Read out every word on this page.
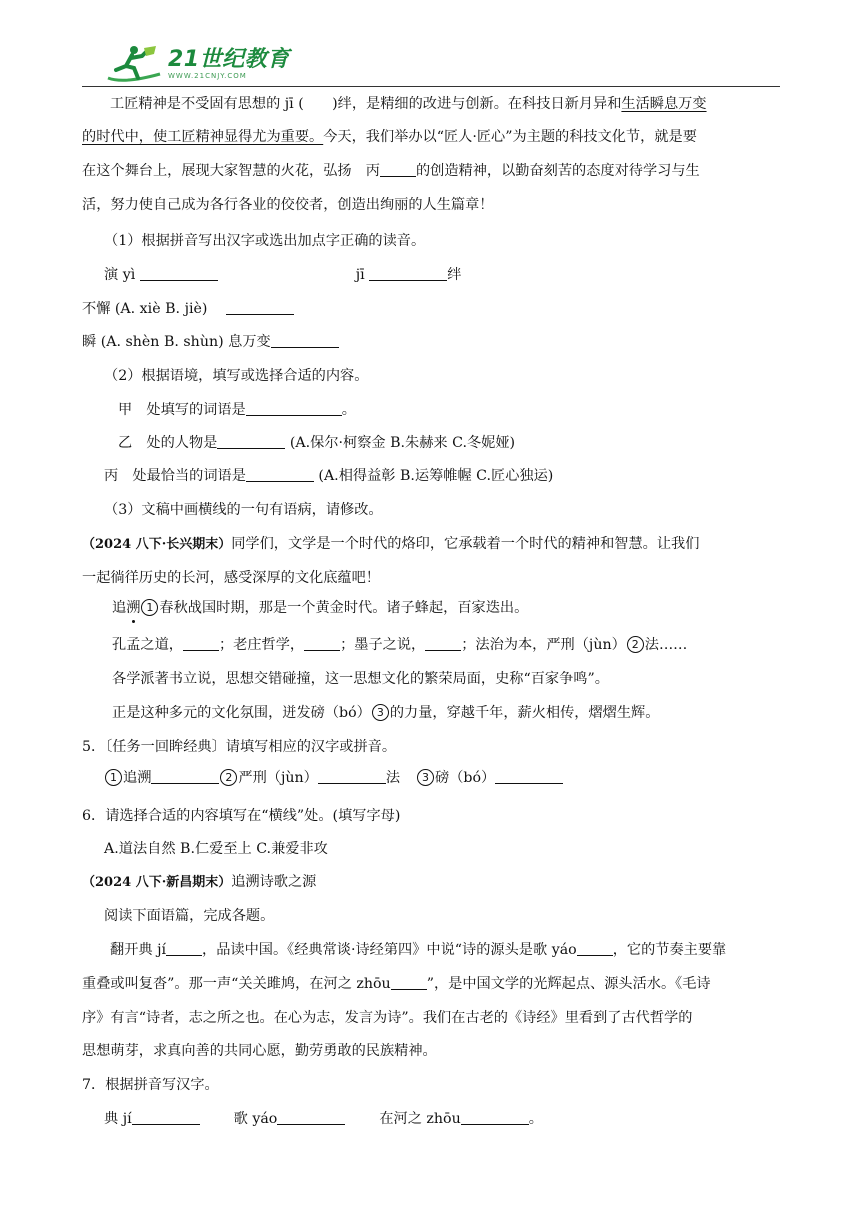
21世纪教育
WWW.21CNJY.COM
工匠精神是不受固有思想的 jī (　　)绊，是精细的改进与创新。在科技日新月异和生活瞬息万变
的时代中，使工匠精神显得尤为重要。今天，我们举办以“匠人·匠心”为主题的科技文化节，就是要
在这个舞台上，展现大家智慧的火花，弘扬　丙	的创造精神，以勤奋刻苦的态度对待学习与生
活，努力使自己成为各行各业的佼佼者，创造出绚丽的人生篇章！
（1）根据拼音写出汉字或选出加点字正确的读音。
演 yì	jī	绊
不懈 (A. xiè B. jiè)
瞬 (A. shèn B. shùn) 息万变
（2）根据语境，填写或选择合适的内容。
甲　处填写的词语是	。
乙　处的人物是	(A.保尔·柯察金 B.朱赫来 C.冬妮娅)
丙　处最恰当的词语是	(A.相得益彰 B.运筹帷幄 C.匠心独运)
（3）文稿中画横线的一句有语病，请修改。
（2024 八下·长兴期末）同学们，文学是一个时代的烙印，它承载着一个时代的精神和智慧。让我们
一起徜徉历史的长河，感受深厚的文化底蕴吧！
追溯 1 春秋战国时期，那是一个黄金时代。诸子蜂起，百家迭出。
孔孟之道，	；老庄哲学，	；墨子之说，	；法治为本，严刑（jùn） 2 法……
各学派著书立说，思想交错碰撞，这一思想文化的繁荣局面，史称“百家争鸣”。
正是这种多元的文化氛围，迸发磅（bó） 3 的力量，穿越千年，薪火相传，熠熠生辉。
5．〔任务一回眸经典〕请填写相应的汉字或拼音。
1 追溯	2 严刑（jùn）	法 3 磅（bó）
6．请选择合适的内容填写在“横线”处。(填写字母)
A.道法自然 B.仁爱至上 C.兼爱非攻
（2024 八下·新昌期末）追溯诗歌之源
阅读下面语篇，完成各题。
翻开典 jí	，品读中国。《经典常谈·诗经第四》中说“诗的源头是歌 yáo	，它的节奏主要靠
重叠或叫复沓”。那一声“关关雎鸠，在河之 zhōu	”，是中国文学的光辉起点、源头活水。《毛诗
序》有言“诗者，志之所之也。在心为志，发言为诗”。我们在古老的《诗经》里看到了古代哲学的
思想萌芽，求真向善的共同心愿，勤劳勇敢的民族精神。
7．根据拼音写汉字。
典 jí	歌 yáo	在河之 zhōu	。
